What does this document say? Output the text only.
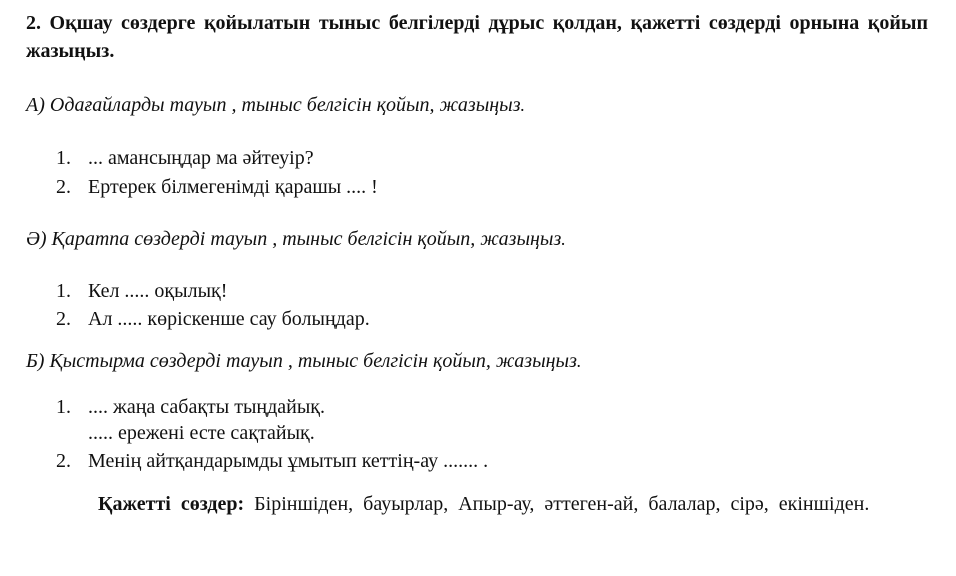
2. Оқшау сөздерге қойылатын тыныс белгілерді дұрыс қолдан, қажетті сөздерді орнына қойып жазыңыз.
А) Одағайларды тауып , тыныс белгісін қойып, жазыңыз.
1. ... амансыңдар ма әйтеуір?
2. Ертерек білмегенімді қарашы .... !
Ә) Қаратпа сөздерді тауып , тыныс белгісін қойып, жазыңыз.
1. Кел ..... оқылық!
2. Ал ..... көріскенше сау болыңдар.
Б) Қыстырма сөздерді тауып , тыныс белгісін қойып, жазыңыз.
1. .... жаңа сабақты тыңдайық.
..... ережені есте сақтайық.
2. Менің айтқандарымды ұмытып кеттің-ау ....... .
Қажетті сөздер: Біріншіден, бауырлар, Апыр-ау, әттеген-ай, балалар, сірә, екіншіден.
